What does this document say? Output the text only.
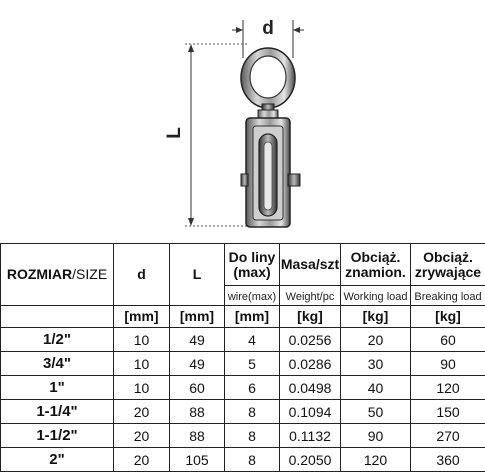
d
L
ROZMIAR/SIZE	d	L	Do liny (max)	Masa/szt	Obciąż. znamion.	Obciąż. zrywające

			wire(max)	Weight/pc	Working load	Breaking load
	[mm]	[mm]	[mm]	[kg]	[kg]	[kg]
1/2"	10	49	4	0.0256	20	60
3/4"	10	49	5	0.0286	30	90
1"	10	60	6	0.0498	40	120
1-1/4"	20	88	8	0.1094	50	150
1-1/2"	20	88	8	0.1132	90	270
2"	20	105	8	0.2050	120	360
